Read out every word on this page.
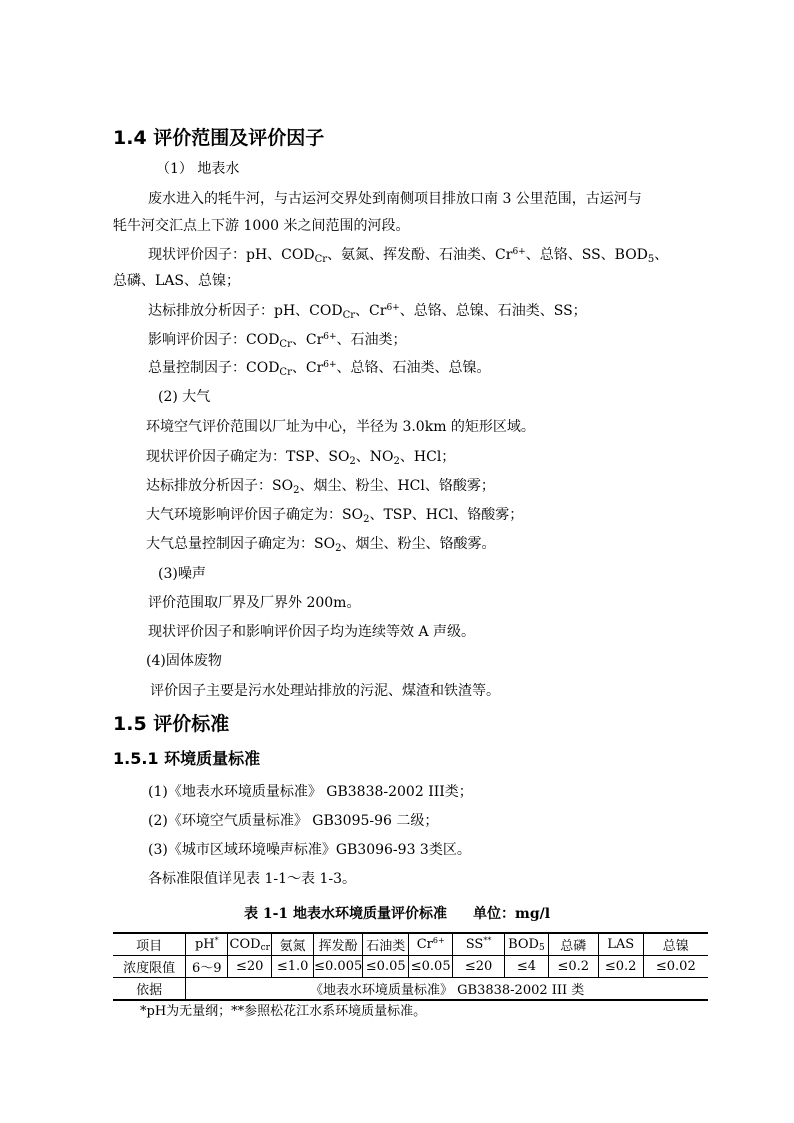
1.4 评价范围及评价因子
（1） 地表水
废水进入的牦牛河，与古运河交界处到南侧项目排放口南 3 公里范围，古运河与
牦牛河交汇点上下游 1000 米之间范围的河段。
现状评价因子：pH、$COD_{Cr}$、氨氮、挥发酚、石油类、$Cr^{6+}$、总铬、SS、$BOD_5$、
总磷、LAS、总镍；
达标排放分析因子：pH、$COD_{Cr}$、$Cr^{6+}$、总铬、总镍、石油类、SS；
影响评价因子：$COD_{Cr}$、$Cr^{6+}$、石油类；
总量控制因子：$COD_{Cr}$、$Cr^{6+}$、总铬、石油类、总镍。
(2) 大气
环境空气评价范围以厂址为中心，半径为 3.0km 的矩形区域。
现状评价因子确定为：TSP、$SO_2$、$NO_2$、HCl；
达标排放分析因子：$SO_2$、烟尘、粉尘、HCl、铬酸雾；
大气环境影响评价因子确定为：$SO_2$、TSP、HCl、铬酸雾；
大气总量控制因子确定为：$SO_2$、烟尘、粉尘、铬酸雾。
(3)噪声
评价范围取厂界及厂界外 200m。
现状评价因子和影响评价因子均为连续等效 A 声级。
(4)固体废物
评价因子主要是污水处理站排放的污泥、煤渣和铁渣等。
1.5 评价标准
1.5.1 环境质量标准
(1)《地表水环境质量标准》 GB3838-2002 III类；
(2)《环境空气质量标准》 GB3095-96 二级；
(3)《城市区域环境噪声标准》GB3096-93 3类区。
各标准限值详见表 1-1～表 1-3。
表 1-1 地表水环境质量评价标准 单位：mg/l
项目	pH*	$COD_{cr}$	氨氮	挥发酚	石油类	$Cr^{6+}$	SS**	$BOD_5$	总磷	LAS	总镍
浓度限值	6～9	≤20	≤1.0	≤0.005	≤0.05	≤0.05	≤20	≤4	≤0.2	≤0.2	≤0.02
依据	《地表水环境质量标准》 GB3838-2002 III 类										
*pH为无量纲；**参照松花江水系环境质量标准。
